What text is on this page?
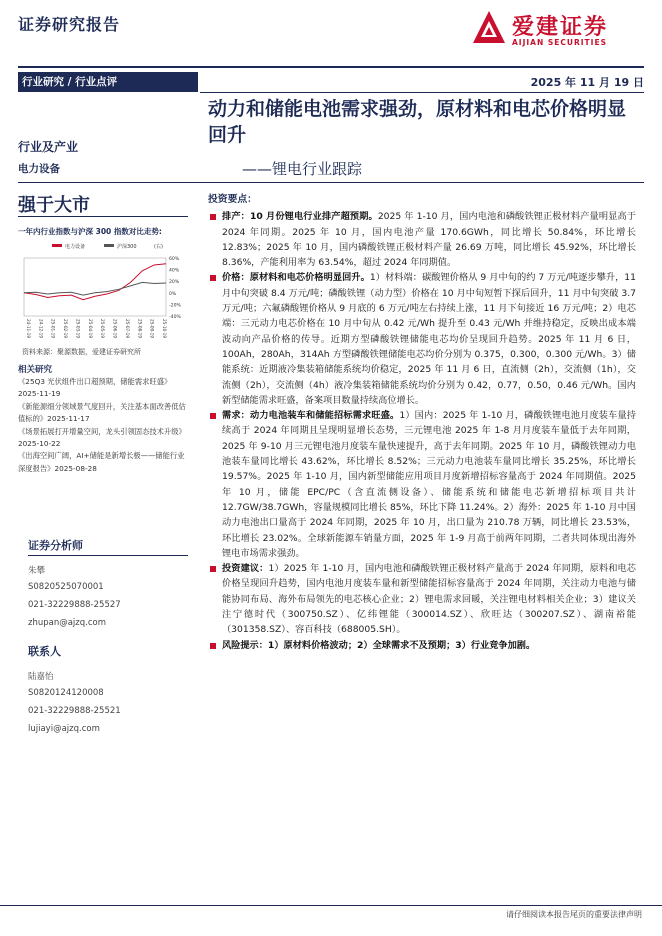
证券研究报告	爱建证券
AIJIAN SECURITIES
行业研究 / 行业点评	2025 年 11 月 19 日
动力和储能电池需求强劲，原材料和电芯价格明显回升
——锂电行业跟踪
行业及产业
电力设备
强于大市
一年内行业指数与沪深 300 指数对比走势:
电力设备	沪深300	(右)
60%
40%
20%
0%
-20%
-40%
24-11-19 24-12-19 25-01-19 25-02-19 25-03-19 25-04-19 25-05-19 25-06-19 25-07-19 25-08-19 25-09-19 25-10-19
资料来源：聚源数据，爱建证券研究所
相关研究
《25Q3 光伏组件出口超预期，储能需求旺盛》2025-11-19
《新能源细分领域景气度回升，关注基本面改善低估值标的》2025-11-17
《场景拓展打开增量空间，龙头引领固态技术升级》2025-10-22
《出海空间广阔，AI+储能是新增长极——储能行业深度报告》2025-08-28
证券分析师
朱攀
S0820525070001
021-32229888-25527
zhupan@ajzq.com
联系人
陆嘉怡
S0820124120008
021-32229888-25521
lujiayi@ajzq.com
投资要点：
排产：10 月份锂电行业排产超预期。2025 年 1-10 月，国内电池和磷酸铁锂正极材料产量明显高于 2024 年同期。2025 年 10 月，国内电池产量 170.6GWh，同比增长 50.84%，环比增长 12.83%；2025 年 10 月，国内磷酸铁锂正极材料产量 26.69 万吨，同比增长 45.92%，环比增长 8.36%，产能利用率为 63.54%，超过 2024 年同期值。
价格：原材料和电芯价格明显回升。1）材料端：碳酸锂价格从 9 月中旬的约 7 万元/吨逐步攀升，11 月中旬突破 8.4 万元/吨；磷酸铁锂（动力型）价格在 10 月中旬短暂下探后回升，11 月中旬突破 3.7 万元/吨；六氟磷酸锂价格从 9 月底的 6 万元/吨左右持续上涨，11 月下旬接近 16 万元/吨；2）电芯端：三元动力电芯价格在 10 月中旬从 0.42 元/Wh 提升至 0.43 元/Wh 并维持稳定，反映出成本端波动向产品价格的传导。近期方型磷酸铁锂储能电芯均价呈现回升趋势。2025 年 11 月 6 日，100Ah，280Ah，314Ah 方型磷酸铁锂储能电芯均价分别为 0.375，0.300，0.300 元/Wh。3）储能系统：近期液冷集装箱储能系统均价稳定，2025 年 11 月 6 日，直流侧（2h），交流侧（1h），交流侧（2h），交流侧（4h）液冷集装箱储能系统均价分别为 0.42，0.77，0.50，0.46 元/Wh。国内新型储能需求旺盛，备案项目数量持续高位增长。
需求：动力电池装车和储能招标需求旺盛。1）国内：2025 年 1-10 月，磷酸铁锂电池月度装车量持续高于 2024 年同期且呈现明显增长态势，三元锂电池 2025 年 1-8 月月度装车量低于去年同期，2025 年 9-10 月三元锂电池月度装车量快速提升，高于去年同期。2025 年 10 月，磷酸铁锂动力电池装车量同比增长 43.62%，环比增长 8.52%；三元动力电池装车量同比增长 35.25%，环比增长 19.57%。2025 年 1-10 月，国内新型储能应用项目月度新增招标容量高于 2024 年同期值。2025 年 10 月，储能 EPC/PC（含直流侧设备）、储能系统和储能电芯新增招标项目共计 12.7GW/38.7GWh，容量规模同比增长 85%，环比下降 11.24%。2）海外：2025 年 1-10 月中国动力电池出口量高于 2024 年同期，2025 年 10 月，出口量为 210.78 万辆，同比增长 23.53%，环比增长 23.02%。全球新能源车销量方面，2025 年 1-9 月高于前两年同期，二者共同体现出海外锂电市场需求强劲。
投资建议：1）2025 年 1-10 月，国内电池和磷酸铁锂正极材料产量高于 2024 年同期，原料和电芯价格呈现回升趋势，国内电池月度装车量和新型储能招标容量高于 2024 年同期，关注动力电池与储能协同布局、海外布局领先的电芯核心企业；2）锂电需求回暖，关注锂电材料相关企业；3）建议关注宁德时代（300750.SZ）、亿纬锂能（300014.SZ）、欣旺达（300207.SZ）、湖南裕能（301358.SZ）、容百科技（688005.SH）。
风险提示：1）原材料价格波动；2）全球需求不及预期；3）行业竞争加剧。
请仔细阅读本报告尾页的重要法律声明
